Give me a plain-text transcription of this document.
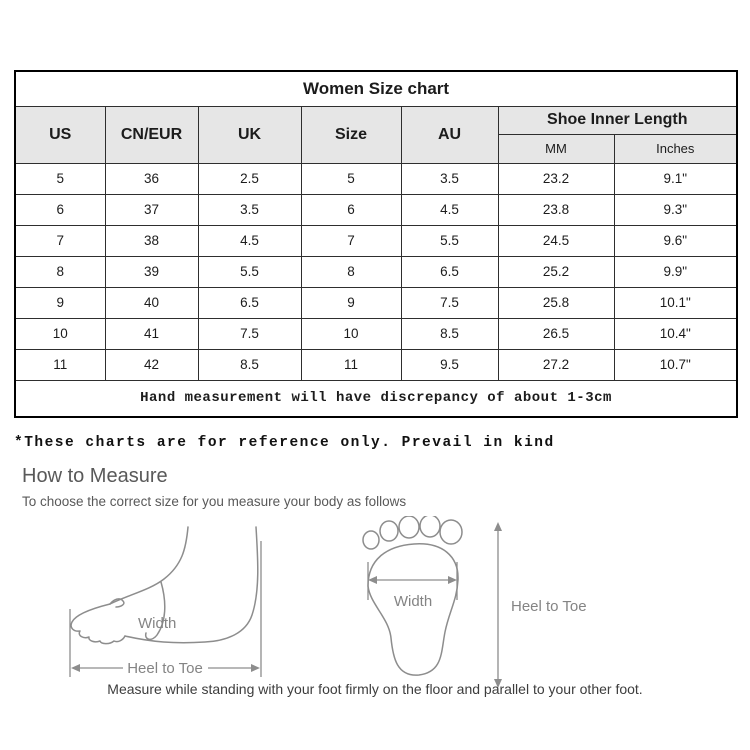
Women Size chart						
US	CN/EUR	UK	Size	AU	Shoe Inner Length	
					MM	Inches
5	36	2.5	5	3.5	23.2	9.1"
6	37	3.5	6	4.5	23.8	9.3"
7	38	4.5	7	5.5	24.5	9.6"
8	39	5.5	8	6.5	25.2	9.9"
9	40	6.5	9	7.5	25.8	10.1"
10	41	7.5	10	8.5	26.5	10.4"
11	42	8.5	11	9.5	27.2	10.7"
Hand measurement will have discrepancy of about 1-3cm						
*These charts are for reference only. Prevail in kind
How to Measure
To choose the correct size for you measure your body as follows
Width
Heel to Toe
Width	Heel to Toe
Measure while standing with your foot firmly on the floor and parallel to your other foot.
